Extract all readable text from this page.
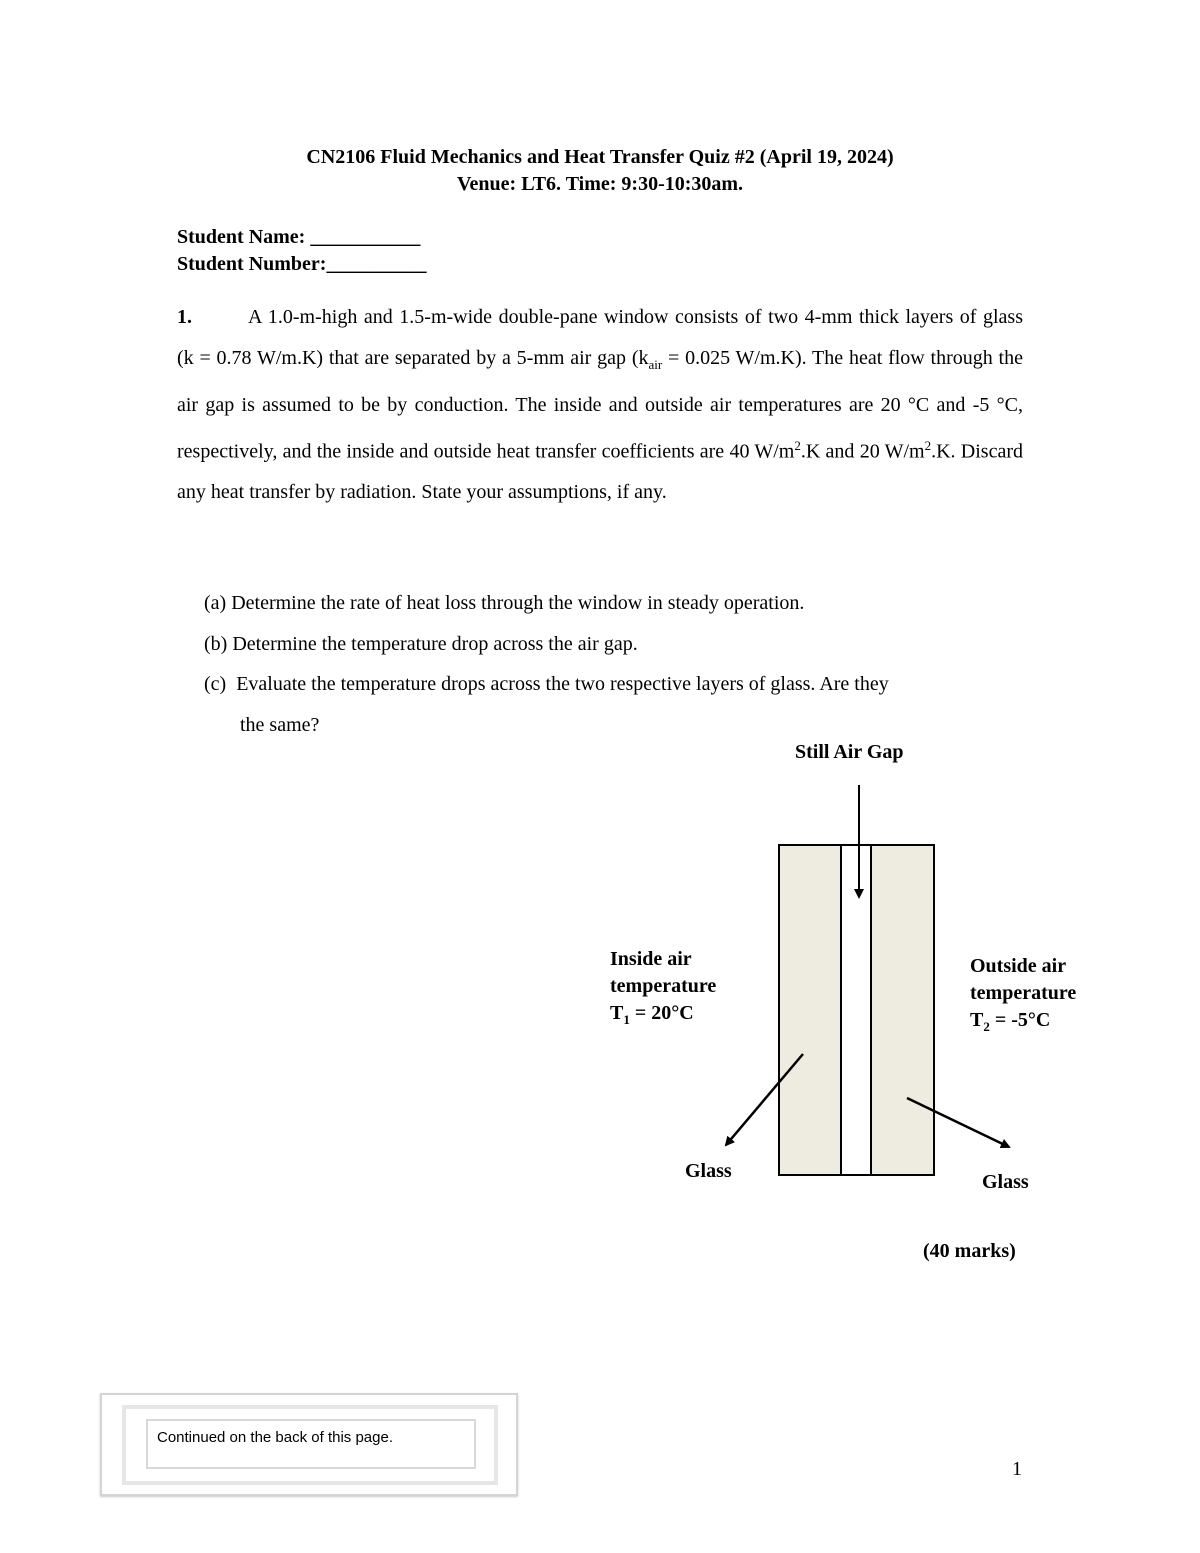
CN2106 Fluid Mechanics and Heat Transfer Quiz #2 (April 19, 2024)
Venue: LT6. Time: 9:30-10:30am.
Student Name: ___________
Student Number:__________
1.	A 1.0-m-high and 1.5-m-wide double-pane window consists of two 4-mm thick layers of glass (k = 0.78 W/m.K) that are separated by a 5-mm air gap ($k_{air} = 0.025$ W/m.K). The heat flow through the air gap is assumed to be by conduction. The inside and outside air temperatures are 20 °C and -5 °C, respectively, and the inside and outside heat transfer coefficients are 40 $W/m^2.K$ and 20 $W/m^2.K$. Discard any heat transfer by radiation. State your assumptions, if any.
(a) Determine the rate of heat loss through the window in steady operation.
(b) Determine the temperature drop across the air gap.
(c) Evaluate the temperature drops across the two respective layers of glass. Are they
the same?
Still Air Gap
Inside air
temperature
$T_1 = 20^\circ C$
Outside air
temperature
$T_2 = -5^\circ C$
Glass	Glass
(40 marks)
Continued on the back of this page.
1
